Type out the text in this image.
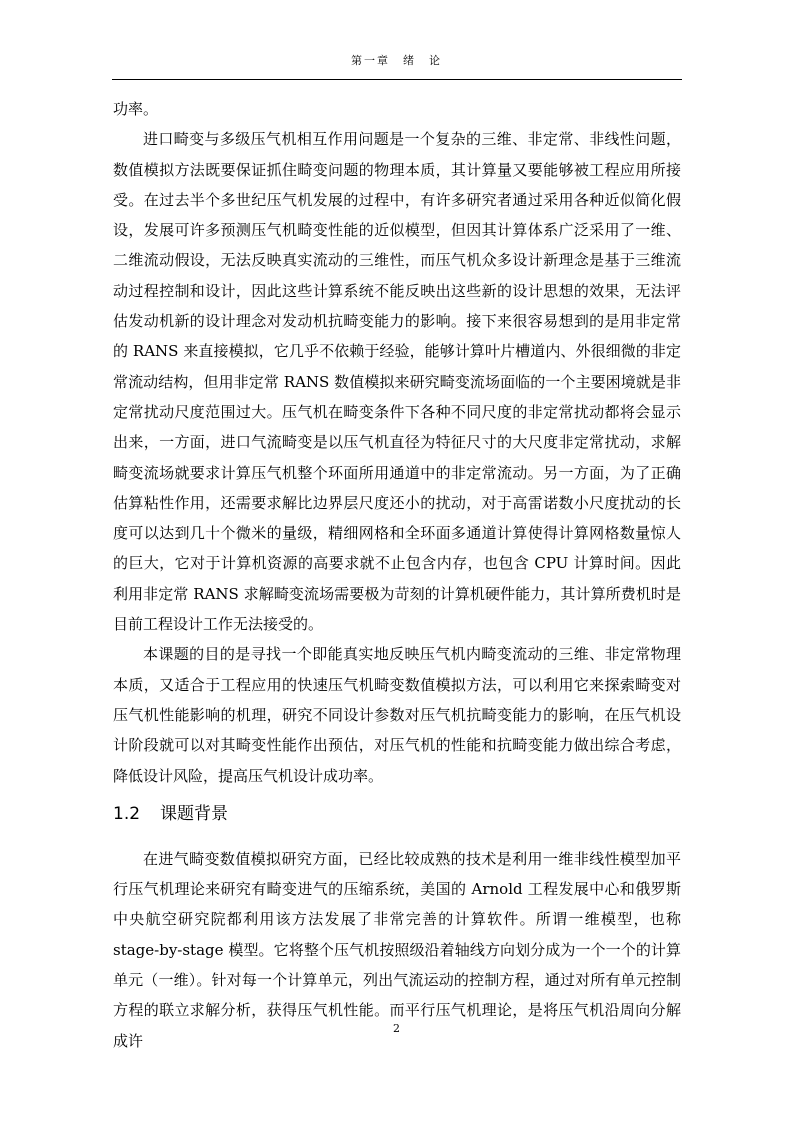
第一章　绪　论

功率。

进口畸变与多级压气机相互作用问题是一个复杂的三维、非定常、非线性问题，数值模拟方法既要保证抓住畸变问题的物理本质，其计算量又要能够被工程应用所接受。在过去半个多世纪压气机发展的过程中，有许多研究者通过采用各种近似简化假设，发展可许多预测压气机畸变性能的近似模型，但因其计算体系广泛采用了一维、二维流动假设，无法反映真实流动的三维性，而压气机众多设计新理念是基于三维流动过程控制和设计，因此这些计算系统不能反映出这些新的设计思想的效果，无法评估发动机新的设计理念对发动机抗畸变能力的影响。接下来很容易想到的是用非定常的 RANS 来直接模拟，它几乎不依赖于经验，能够计算叶片槽道内、外很细微的非定常流动结构，但用非定常 RANS 数值模拟来研究畸变流场面临的一个主要困境就是非定常扰动尺度范围过大。压气机在畸变条件下各种不同尺度的非定常扰动都将会显示出来，一方面，进口气流畸变是以压气机直径为特征尺寸的大尺度非定常扰动，求解畸变流场就要求计算压气机整个环面所用通道中的非定常流动。另一方面，为了正确估算粘性作用，还需要求解比边界层尺度还小的扰动，对于高雷诺数小尺度扰动的长度可以达到几十个微米的量级，精细网格和全环面多通道计算使得计算网格数量惊人的巨大，它对于计算机资源的高要求就不止包含内存，也包含 CPU 计算时间。因此利用非定常 RANS 求解畸变流场需要极为苛刻的计算机硬件能力，其计算所费机时是目前工程设计工作无法接受的。

本课题的目的是寻找一个即能真实地反映压气机内畸变流动的三维、非定常物理本质，又适合于工程应用的快速压气机畸变数值模拟方法，可以利用它来探索畸变对压气机性能影响的机理，研究不同设计参数对压气机抗畸变能力的影响，在压气机设计阶段就可以对其畸变性能作出预估，对压气机的性能和抗畸变能力做出综合考虑，降低设计风险，提高压气机设计成功率。

1.2 课题背景

在进气畸变数值模拟研究方面，已经比较成熟的技术是利用一维非线性模型加平行压气机理论来研究有畸变进气的压缩系统，美国的 Arnold 工程发展中心和俄罗斯中央航空研究院都利用该方法发展了非常完善的计算软件。所谓一维模型，也称 stage-by-stage 模型。它将整个压气机按照级沿着轴线方向划分成为一个一个的计算单元（一维）。针对每一个计算单元，列出气流运动的控制方程，通过对所有单元控制方程的联立求解分析，获得压气机性能。而平行压气机理论，是将压气机沿周向分解成许

2
